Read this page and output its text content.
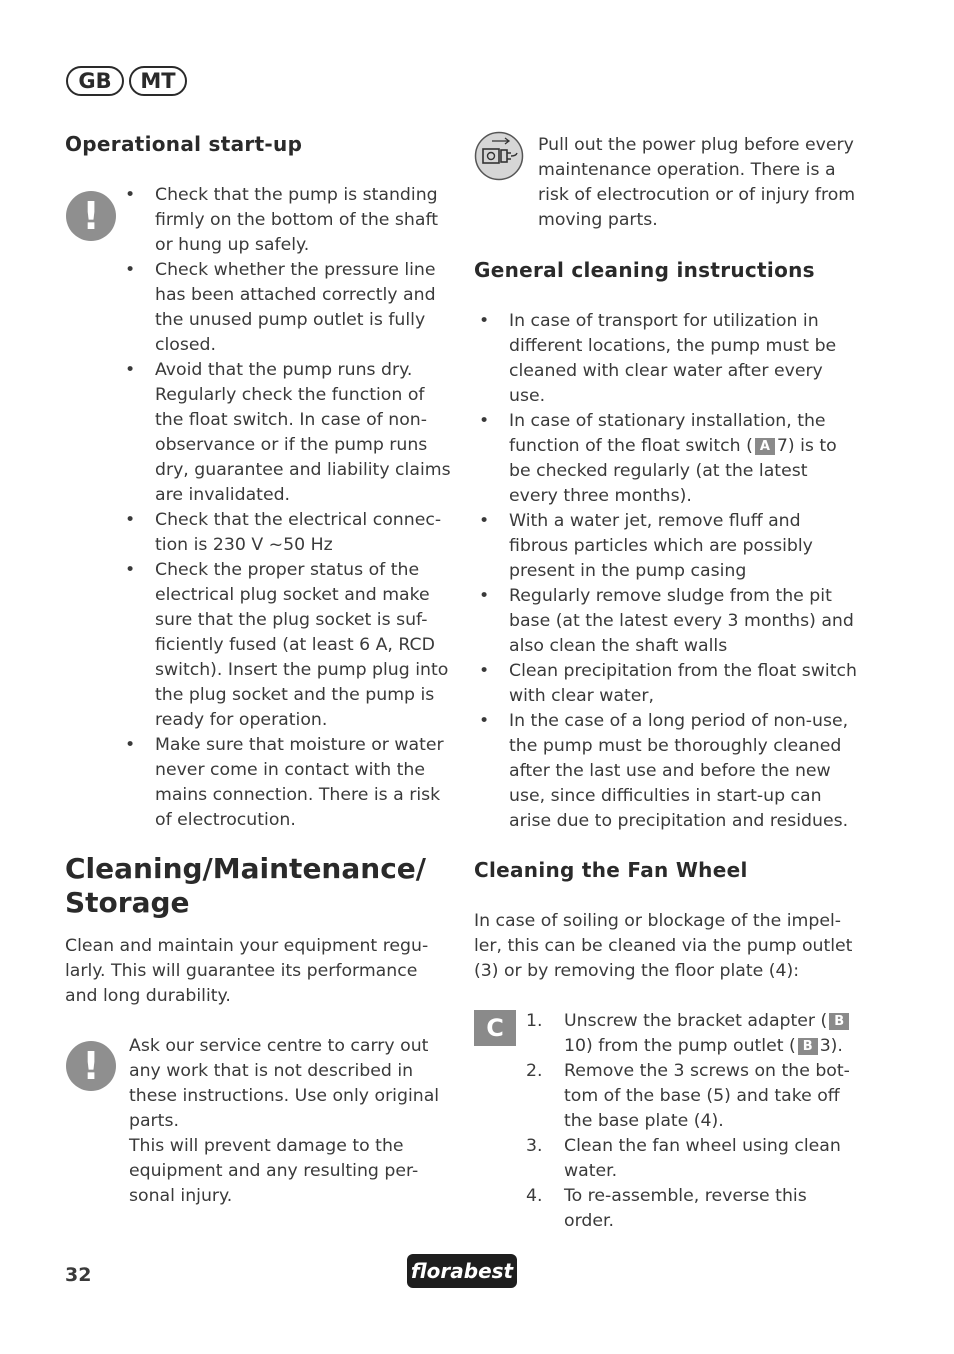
GB	MT
Operational start-up
!	• Check that the pump is standing firmly on the bottom of the shaft or hung up safely.
• Check whether the pressure line has been attached correctly and the unused pump outlet is fully closed.
• Avoid that the pump runs dry. Regularly check the function of the float switch. In case of non-observance or if the pump runs dry, guarantee and liability claims are invalidated.
• Check that the electrical connec-tion is 230 V ~50 Hz
• Check the proper status of the electrical plug socket and make sure that the plug socket is suf-ficiently fused (at least 6 A, RCD switch). Insert the pump plug into the plug socket and the pump is ready for operation.
• Make sure that moisture or water never come in contact with the mains connection. There is a risk of electrocution.
Cleaning/Maintenance/ Storage

Clean and maintain your equipment regu-larly. This will guarantee its performance and long durability.

!	Ask our service centre to carry out any work that is not described in these instructions. Use only original parts.
This will prevent damage to the equipment and any resulting per-sonal injury.

Pull out the power plug before every maintenance operation. There is a risk of electrocution or of injury from moving parts.

General cleaning instructions
• In case of transport for utilization in different locations, the pump must be cleaned with clear water after every use.
• In case of stationary installation, the function of the float switch ( A 7) is to be checked regularly (at the latest every three months).
• With a water jet, remove fluff and fibrous particles which are possibly present in the pump casing
• Regularly remove sludge from the pit base (at the latest every 3 months) and also clean the shaft walls
• Clean precipitation from the float switch with clear water,
• In the case of a long period of non-use, the pump must be thoroughly cleaned after the last use and before the new use, since difficulties in start-up can arise due to precipitation and residues.
Cleaning the Fan Wheel

In case of soiling or blockage of the impel-ler, this can be cleaned via the pump outlet (3) or by removing the floor plate (4):

C	1. Unscrew the bracket adapter ( B10) from the pump outlet ( B 3).
2. Remove the 3 screws on the bot-tom of the base (5) and take off the base plate (4).
3. Clean the fan wheel using clean water.
4. To re-assemble, reverse this order.
32	florabest
